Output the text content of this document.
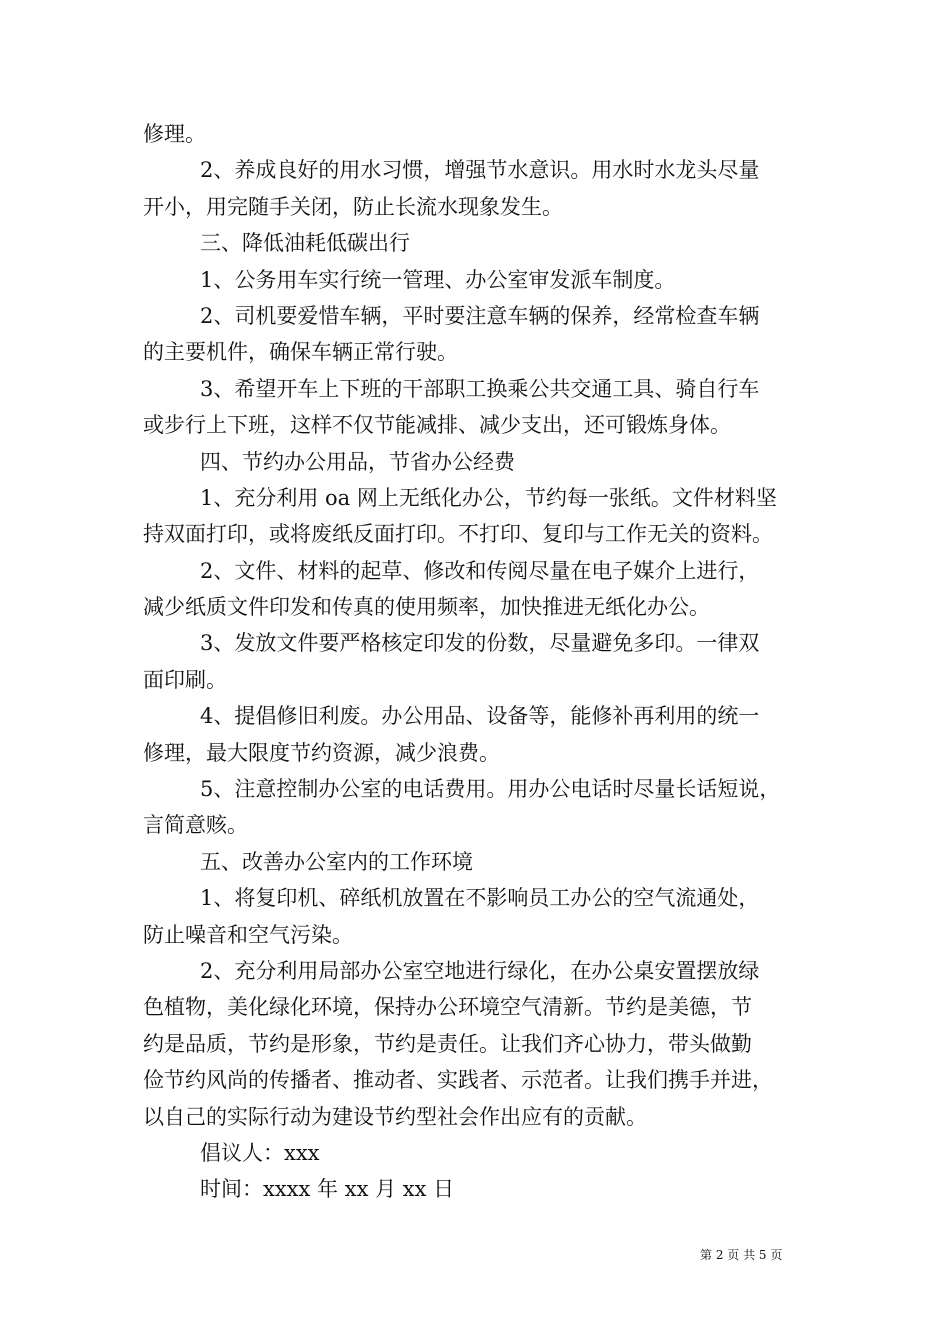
修理。
2、养成良好的用水习惯，增强节水意识。用水时水龙头尽量
开小，用完随手关闭，防止长流水现象发生。
三、降低油耗低碳出行
1、公务用车实行统一管理、办公室审发派车制度。
2、司机要爱惜车辆，平时要注意车辆的保养，经常检查车辆
的主要机件，确保车辆正常行驶。
3、希望开车上下班的干部职工换乘公共交通工具、骑自行车
或步行上下班，这样不仅节能减排、减少支出，还可锻炼身体。
四、节约办公用品，节省办公经费
1、充分利用 oa 网上无纸化办公，节约每一张纸。文件材料坚
持双面打印，或将废纸反面打印。不打印、复印与工作无关的资料。
2、文件、材料的起草、修改和传阅尽量在电子媒介上进行，
减少纸质文件印发和传真的使用频率，加快推进无纸化办公。
3、发放文件要严格核定印发的份数，尽量避免多印。一律双
面印刷。
4、提倡修旧利废。办公用品、设备等，能修补再利用的统一
修理，最大限度节约资源，减少浪费。
5、注意控制办公室的电话费用。用办公电话时尽量长话短说，
言简意赅。
五、改善办公室内的工作环境
1、将复印机、碎纸机放置在不影响员工办公的空气流通处，
防止噪音和空气污染。
2、充分利用局部办公室空地进行绿化，在办公桌安置摆放绿
色植物，美化绿化环境，保持办公环境空气清新。节约是美德，节
约是品质，节约是形象，节约是责任。让我们齐心协力，带头做勤
俭节约风尚的传播者、推动者、实践者、示范者。让我们携手并进，
以自己的实际行动为建设节约型社会作出应有的贡献。
倡议人：xxx
时间：xxxx 年 xx 月 xx 日
第 2 页 共 5 页
